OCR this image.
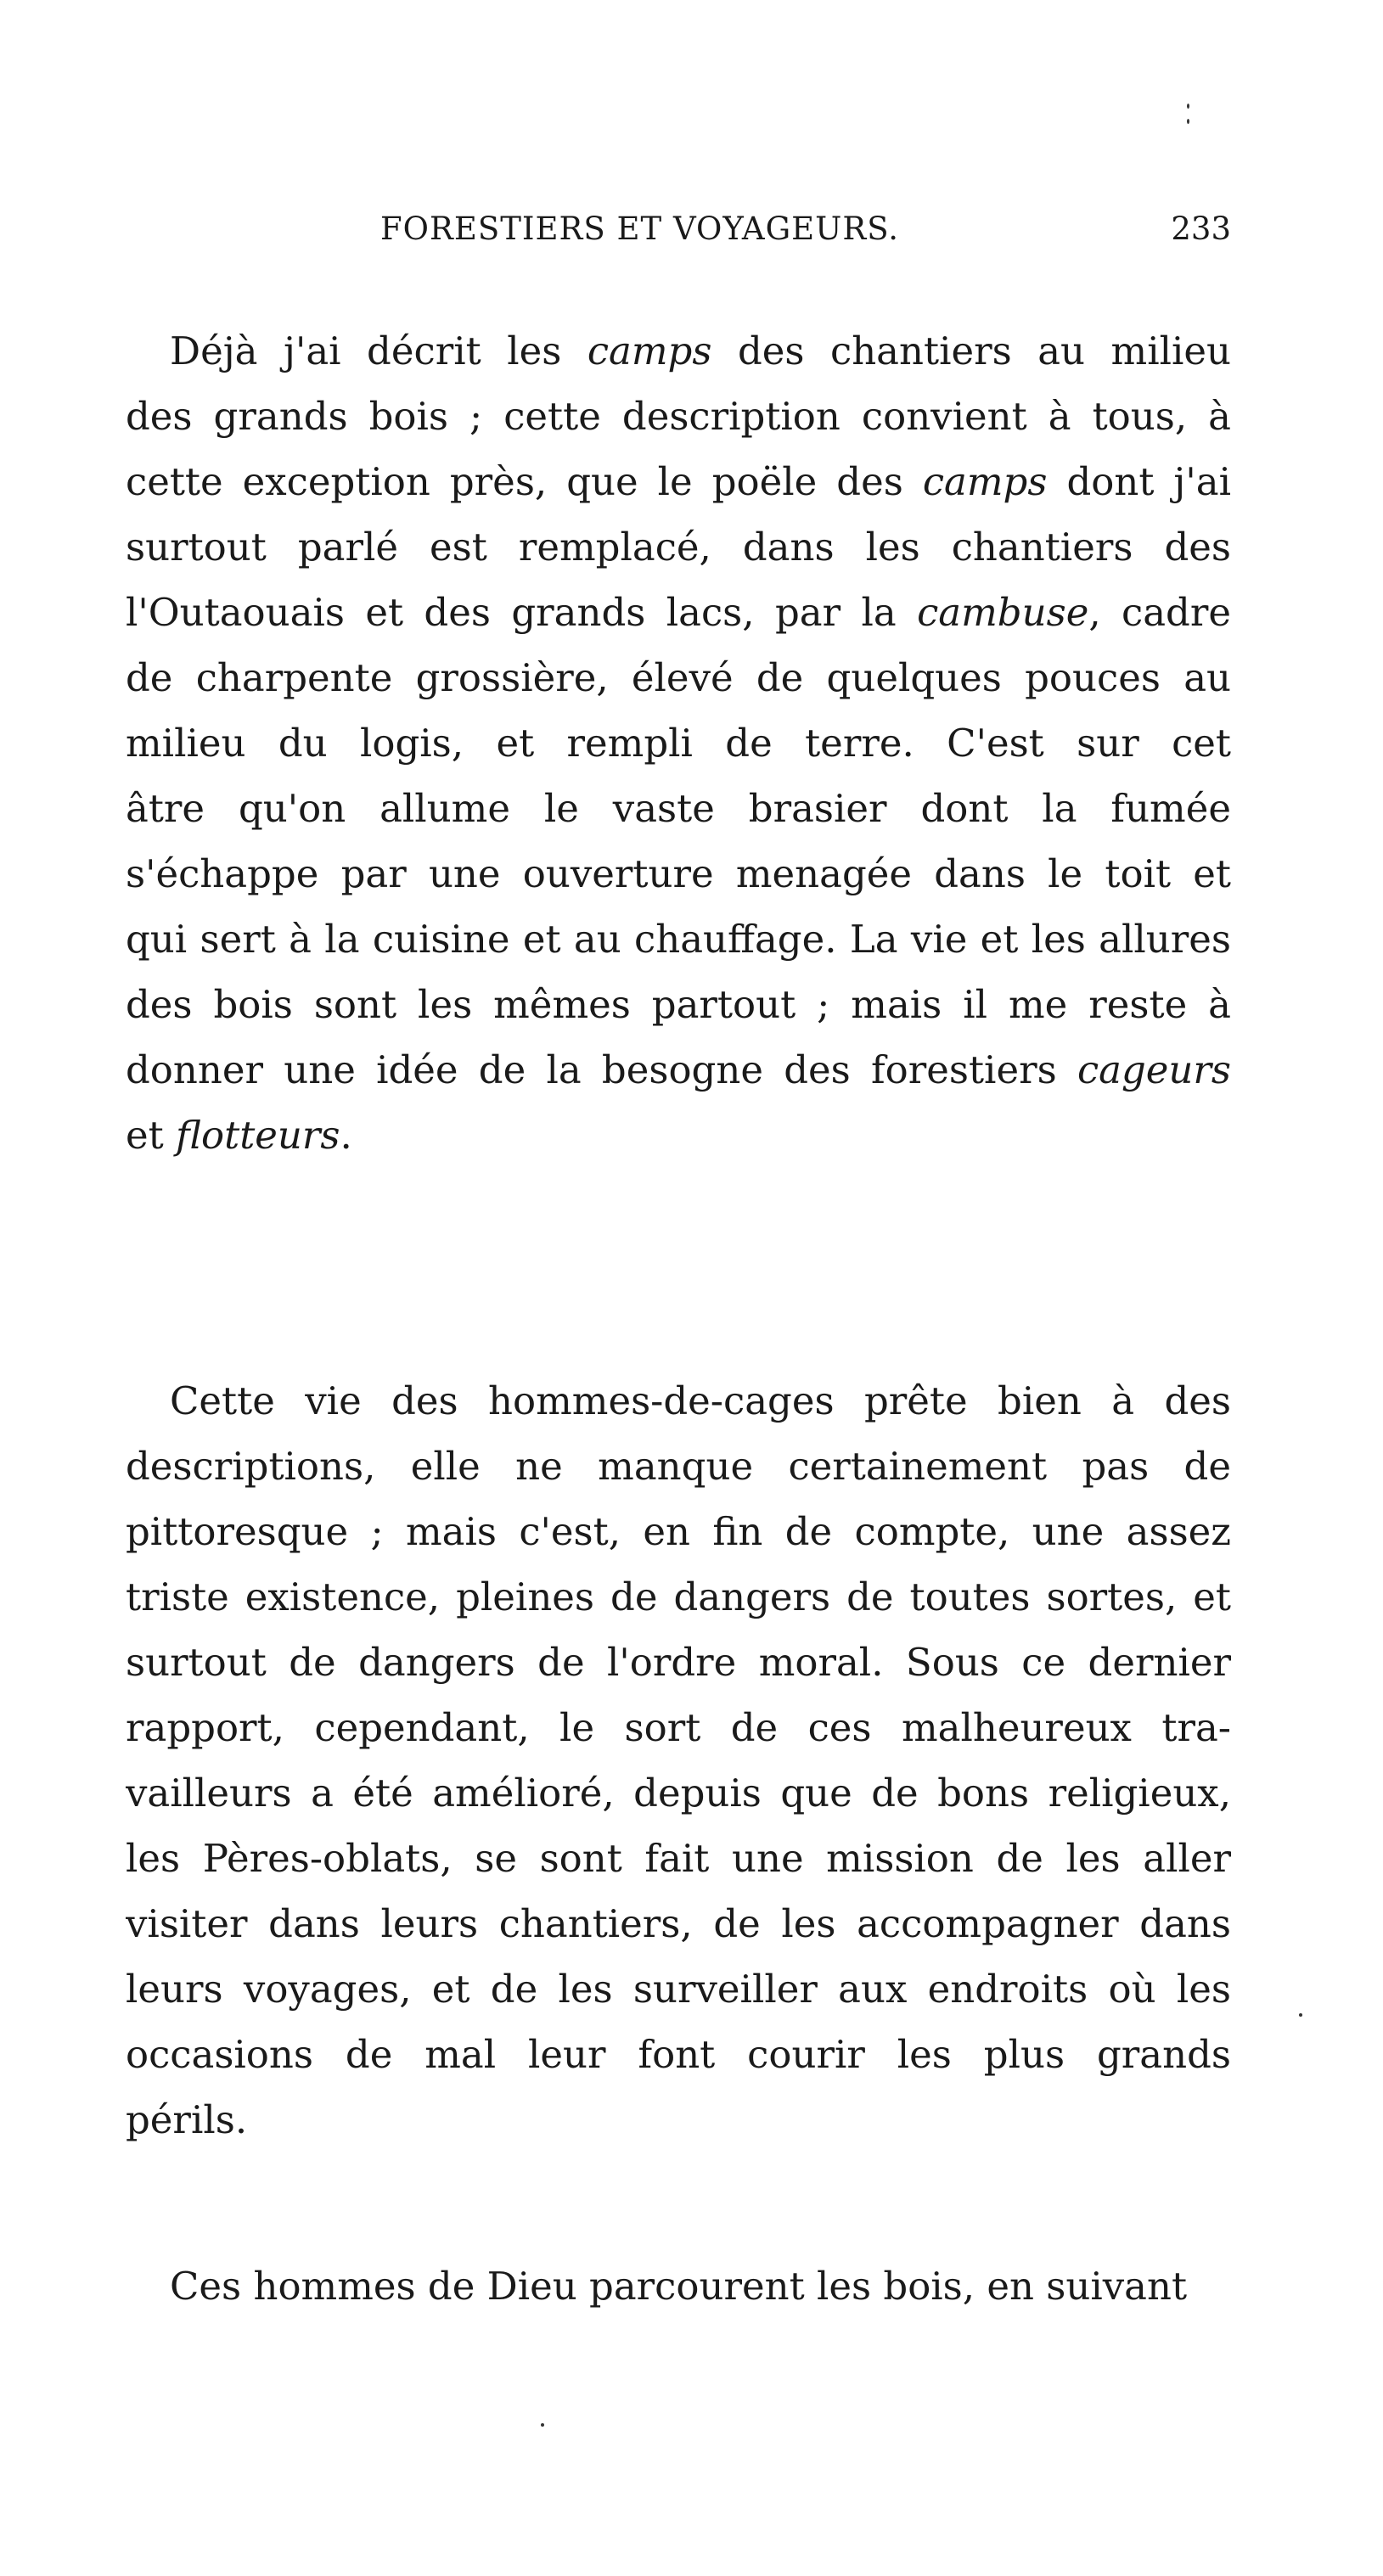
FORESTIERS ET VOYAGEURS.	233
Déjà j'ai décrit les camps des chantiers au milieu
des grands bois ; cette description convient à tous, à
cette exception près, que le poële des camps dont j'ai
surtout parlé est remplacé, dans les chantiers des
l'Outaouais et des grands lacs, par la cambuse, cadre
de charpente grossière, élevé de quelques pouces au
milieu du logis, et rempli de terre. C'est sur cet
âtre qu'on allume le vaste brasier dont la fumée
s'échappe par une ouverture menagée dans le toit et
qui sert à la cuisine et au chauffage. La vie et les allures
des bois sont les mêmes partout ; mais il me reste à
donner une idée de la besogne des forestiers cageurs
et flotteurs.
Cette vie des hommes-de-cages prête bien à des
descriptions, elle ne manque certainement pas de
pittoresque ; mais c'est, en fin de compte, une assez
triste existence, pleines de dangers de toutes sortes, et
surtout de dangers de l'ordre moral. Sous ce dernier
rapport, cependant, le sort de ces malheureux tra-
vailleurs a été amélioré, depuis que de bons religieux,
les Pères-oblats, se sont fait une mission de les aller
visiter dans leurs chantiers, de les accompagner dans
leurs voyages, et de les surveiller aux endroits où les
occasions de mal leur font courir les plus grands
périls.
Ces hommes de Dieu parcourent les bois, en suivant
